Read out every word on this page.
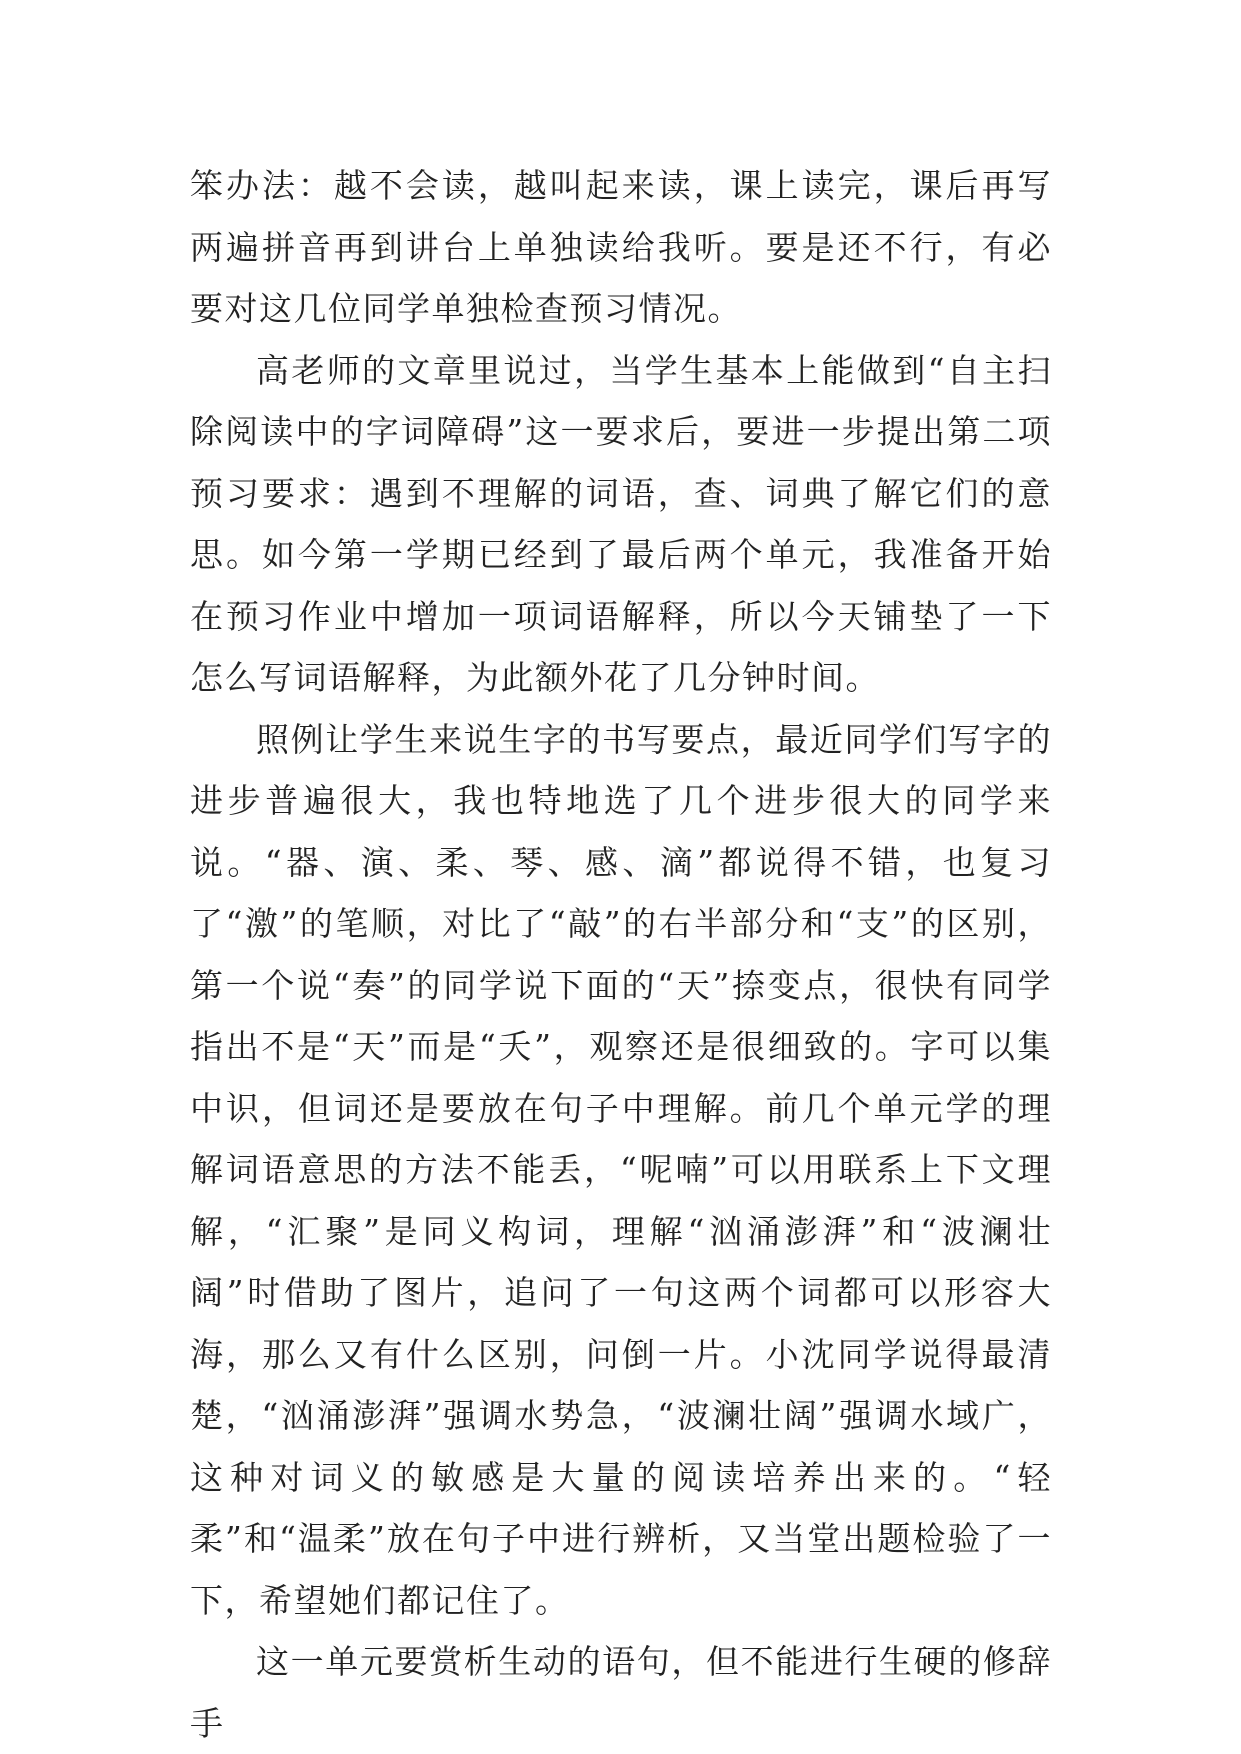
笨办法：越不会读，越叫起来读，课上读完，课后再写两遍拼音再到讲台上单独读给我听。要是还不行，有必要对这几位同学单独检查预习情况。

高老师的文章里说过，当学生基本上能做到“自主扫除阅读中的字词障碍”这一要求后，要进一步提出第二项预习要求：遇到不理解的词语，查、词典了解它们的意思。如今第一学期已经到了最后两个单元，我准备开始在预习作业中增加一项词语解释，所以今天铺垫了一下怎么写词语解释，为此额外花了几分钟时间。

照例让学生来说生字的书写要点，最近同学们写字的进步普遍很大，我也特地选了几个进步很大的同学来说。“器、演、柔、琴、感、滴”都说得不错，也复习了“激”的笔顺，对比了“敲”的右半部分和“支”的区别，第一个说“奏”的同学说下面的“天”捺变点，很快有同学指出不是“天”而是“夭”，观察还是很细致的。字可以集中识，但词还是要放在句子中理解。前几个单元学的理解词语意思的方法不能丢，“呢喃”可以用联系上下文理解，“汇聚”是同义构词，理解“汹涌澎湃”和“波澜壮阔”时借助了图片，追问了一句这两个词都可以形容大海，那么又有什么区别，问倒一片。小沈同学说得最清楚，“汹涌澎湃”强调水势急，“波澜壮阔”强调水域广，这种对词义的敏感是大量的阅读培养出来的。“轻柔”和“温柔”放在句子中进行辨析，又当堂出题检验了一下，希望她们都记住了。

这一单元要赏析生动的语句，但不能进行生硬的修辞手
